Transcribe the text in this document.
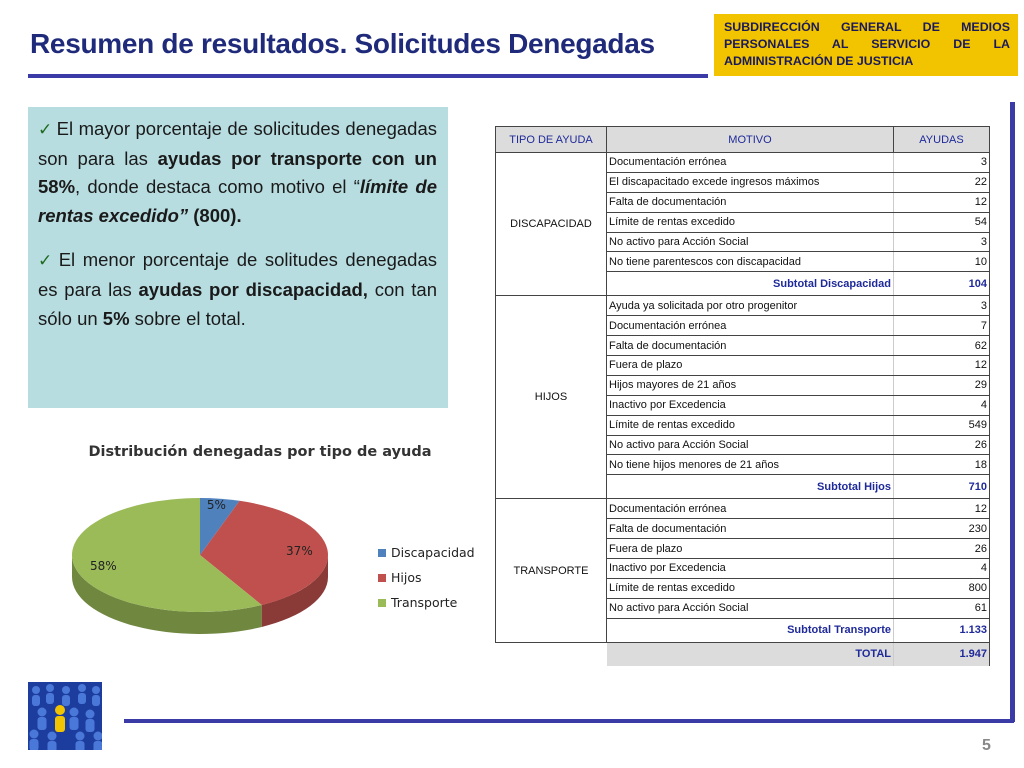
Resumen de resultados. Solicitudes Denegadas
SUBDIRECCIÓN GENERAL DE MEDIOS
PERSONALES AL SERVICIO DE LA
ADMINISTRACIÓN DE JUSTICIA

✓ El mayor porcentaje de solicitudes denegadas son para las ayudas por transporte con un 58%, donde destaca como motivo el “límite de rentas excedido” (800).

✓ El menor porcentaje de solitudes denegadas es para las ayudas por discapacidad, con tan sólo un 5% sobre el total.

Distribución denegadas por tipo de ayuda
5%
37%
58%
Discapacidad
Hijos
Transporte
TIPO DE AYUDA	MOTIVO	AYUDAS
DISCAPACIDAD	Documentación errónea	3
	El discapacitado excede ingresos máximos	22
	Falta de documentación	12
	Límite de rentas excedido	54
	No activo para Acción Social	3
	No tiene parentescos con discapacidad	10
	Subtotal Discapacidad	104
HIJOS	Ayuda ya solicitada por otro progenitor	3
	Documentación errónea	7
	Falta de documentación	62
	Fuera de plazo	12
	Hijos mayores de 21 años	29
	Inactivo por Excedencia	4
	Límite de rentas excedido	549
	No activo para Acción Social	26
	No tiene hijos menores de 21 años	18
	Subtotal Hijos	710
TRANSPORTE	Documentación errónea	12
	Falta de documentación	230
	Fuera de plazo	26
	Inactivo por Excedencia	4
	Límite de rentas excedido	800
	No activo para Acción Social	61
	Subtotal Transporte	1.133
	TOTAL	1.947
5
